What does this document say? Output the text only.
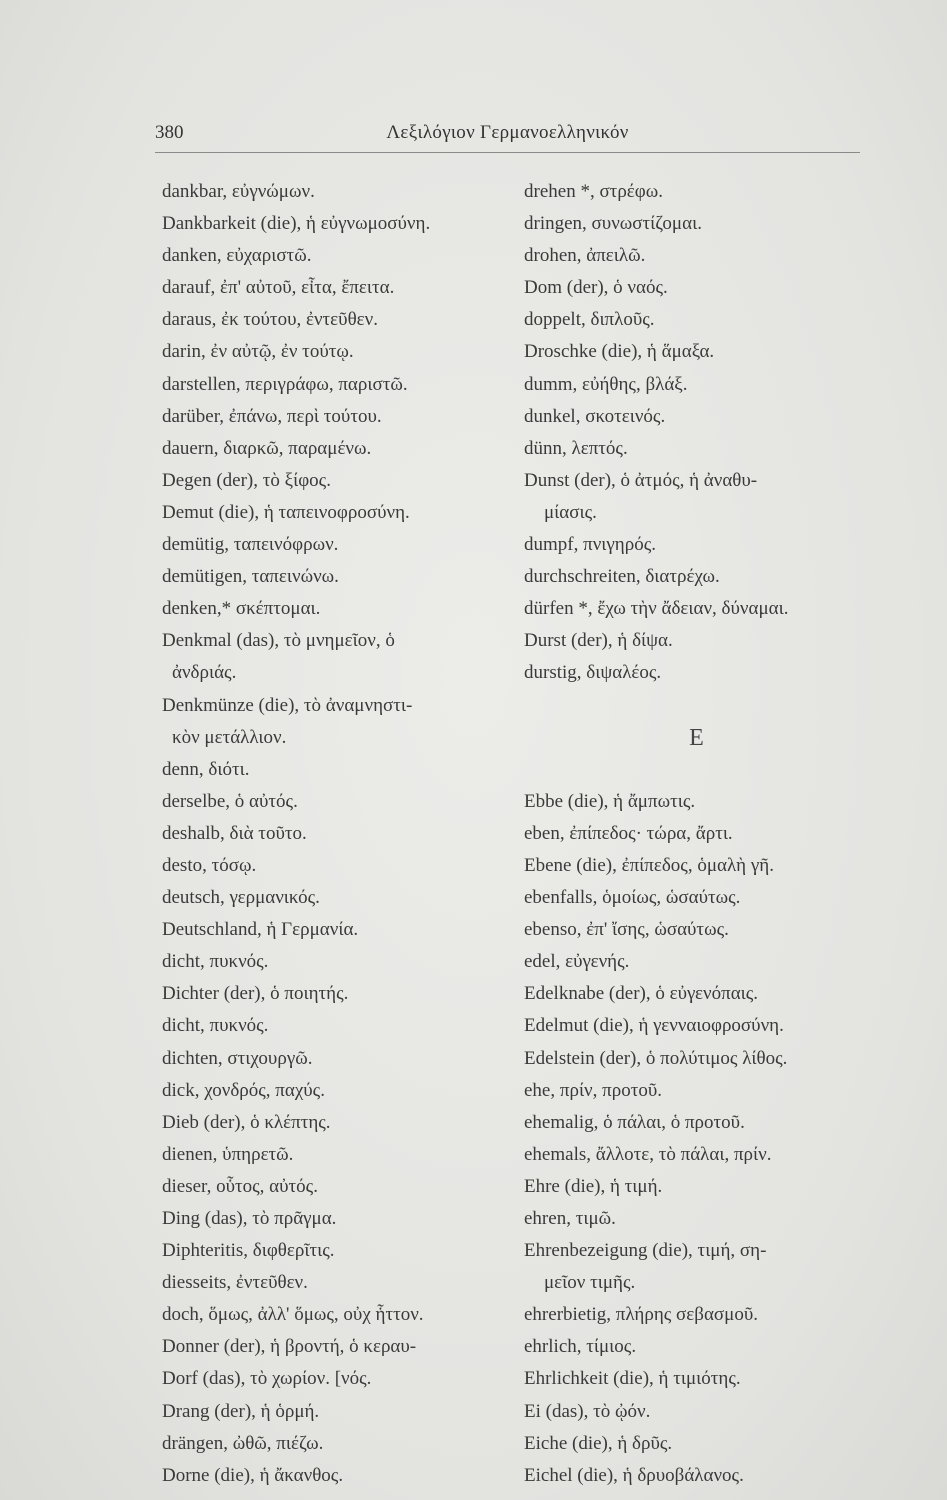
380	Λεξιλόγιον Γερμανοελληνικόν
dankbar, εὐγνώμων.
Dankbarkeit (die), ἡ εὐγνωμοσύνη.
danken, εὐχαριστῶ.
darauf, ἐπ' αὐτοῦ, εἶτα, ἔπειτα.
daraus, ἐκ τούτου, ἐντεῦθεν.
darin, ἐν αὐτῷ, ἐν τούτῳ.
darstellen, περιγράφω, παριστῶ.
darüber, ἐπάνω, περὶ τούτου.
dauern, διαρκῶ, παραμένω.
Degen (der), τὸ ξίφος.
Demut (die), ἡ ταπεινοφροσύνη.
demütig, ταπεινόφρων.
demütigen, ταπεινώνω.
denken,* σκέπτομαι.
Denkmal (das), τὸ μνημεῖον, ὁ
ἀνδριάς.
Denkmünze (die), τὸ ἀναμνηστι-
κὸν μετάλλιον.
denn, διότι.
derselbe, ὁ αὐτός.
deshalb, διὰ τοῦτο.
desto, τόσῳ.
deutsch, γερμανικός.
Deutschland, ἡ Γερμανία.
dicht, πυκνός.
Dichter (der), ὁ ποιητής.
dicht, πυκνός.
dichten, στιχουργῶ.
dick, χονδρός, παχύς.
Dieb (der), ὁ κλέπτης.
dienen, ὑπηρετῶ.
dieser, οὗτος, αὐτός.
Ding (das), τὸ πρᾶγμα.
Diphteritis, διφθερῖτις.
diesseits, ἐντεῦθεν.
doch, ὅμως, ἀλλ' ὅμως, οὐχ ἧττον.
Donner (der), ἡ βροντή, ὁ κεραυ-
Dorf (das), τὸ χωρίον. [νός.
Drang (der), ἡ ὁρμή.
drängen, ὠθῶ, πιέζω.
Dorne (die), ἡ ἄκανθος.
drehen *, στρέφω.
dringen, συνωστίζομαι.
drohen, ἀπειλῶ.
Dom (der), ὁ ναός.
doppelt, διπλοῦς.
Droschke (die), ἡ ἅμαξα.
dumm, εὐήθης, βλάξ.
dunkel, σκοτεινός.
dünn, λεπτός.
Dunst (der), ὁ ἀτμός, ἡ ἀναθυ-
μίασις.
dumpf, πνιγηρός.
durchschreiten, διατρέχω.
dürfen *, ἔχω τὴν ἄδειαν, δύναμαι.
Durst (der), ἡ δίψα.
durstig, διψαλέος.
E
Ebbe (die), ἡ ἄμπωτις.
eben, ἐπίπεδος· τώρα, ἄρτι.
Ebene (die), ἐπίπεδος, ὁμαλὴ γῆ.
ebenfalls, ὁμοίως, ὡσαύτως.
ebenso, ἐπ' ἴσης, ὡσαύτως.
edel, εὐγενής.
Edelknabe (der), ὁ εὐγενόπαις.
Edelmut (die), ἡ γενναιοφροσύνη.
Edelstein (der), ὁ πολύτιμος λίθος.
ehe, πρίν, προτοῦ.
ehemalig, ὁ πάλαι, ὁ προτοῦ.
ehemals, ἄλλοτε, τὸ πάλαι, πρίν.
Ehre (die), ἡ τιμή.
ehren, τιμῶ.
Ehrenbezeigung (die), τιμή, ση-
μεῖον τιμῆς.
ehrerbietig, πλήρης σεβασμοῦ.
ehrlich, τίμιος.
Ehrlichkeit (die), ἡ τιμιότης.
Ei (das), τὸ ᾠόν.
Eiche (die), ἡ δρῦς.
Eichel (die), ἡ δρυοβάλανος.
